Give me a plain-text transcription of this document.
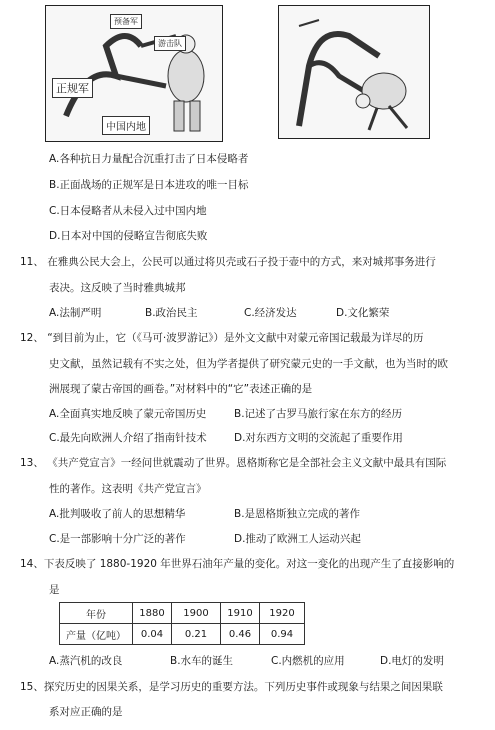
预备军
游击队
正规军
中国内地
A.各种抗日力量配合沉重打击了日本侵略者
B.正面战场的正规军是日本进攻的唯一目标
C.日本侵略者从未侵入过中国内地
D.日本对中国的侵略宣告彻底失败
11、 在雅典公民大会上，公民可以通过将贝壳或石子投于壶中的方式，来对城邦事务进行
表决。这反映了当时雅典城邦
A.法制严明	B.政治民主	C.经济发达	D.文化繁荣
12、 “到目前为止，它（《马可·波罗游记》）是外文文献中对蒙元帝国记载最为详尽的历
史文献，虽然记载有不实之处，但为学者提供了研究蒙元史的一手文献，也为当时的欧
洲展现了蒙古帝国的画卷。”对材料中的“它”表述正确的是
A.全面真实地反映了蒙元帝国历史	B.记述了古罗马旅行家在东方的经历
C.最先向欧洲人介绍了指南针技术	D.对东西方文明的交流起了重要作用
13、 《共产党宣言》一经问世就震动了世界。恩格斯称它是全部社会主义文献中最具有国际
性的著作。这表明《共产党宣言》
A.批判吸收了前人的思想精华	B.是恩格斯独立完成的著作
C.是一部影响十分广泛的著作	D.推动了欧洲工人运动兴起
14、下表反映了 1880-1920 年世界石油年产量的变化。对这一变化的出现产生了直接影响的
是
年份	1880	1900	1910	1920
产量（亿吨）	0.04	0.21	0.46	0.94
A.蒸汽机的改良	B.水车的诞生	C.内燃机的应用	D.电灯的发明
15、探究历史的因果关系，是学习历史的重要方法。下列历史事件或现象与结果之间因果联
系对应正确的是
